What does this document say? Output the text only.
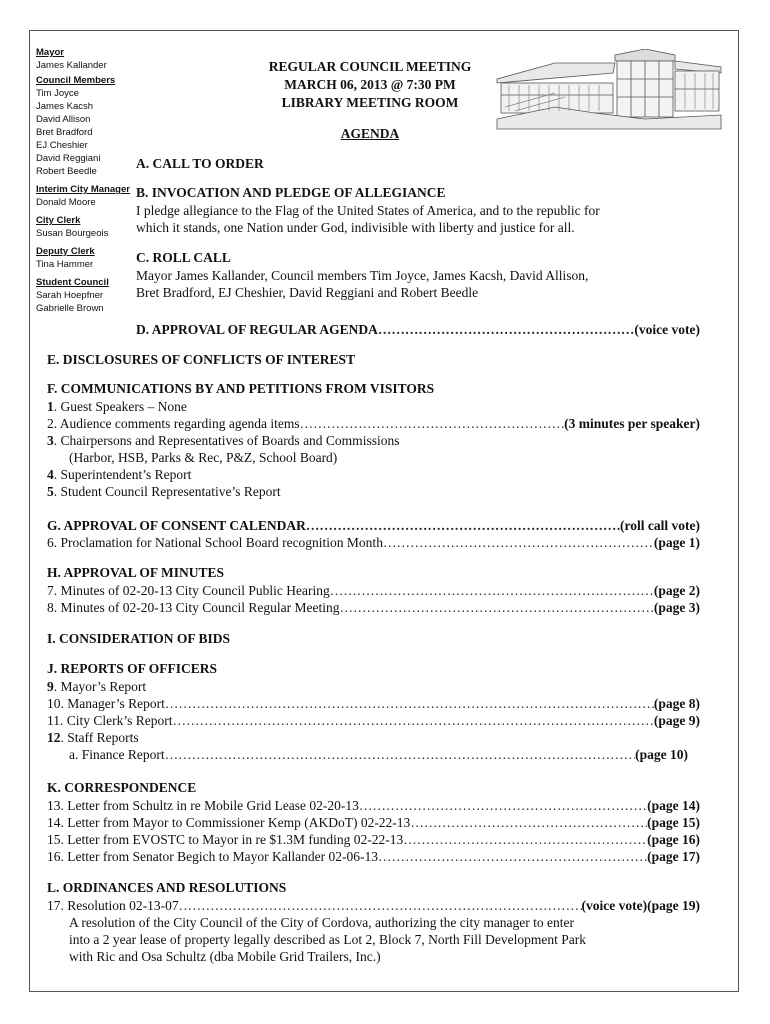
Mayor
James Kallander
Council Members
Tim Joyce
James Kacsh
David Allison
Bret Bradford
EJ Cheshier
David Reggiani
Robert Beedle
Interim City Manager
Donald Moore
City Clerk
Susan Bourgeois
Deputy Clerk
Tina Hammer
Student Council
Sarah Hoepfner
Gabrielle Brown
REGULAR COUNCIL MEETING
MARCH 06, 2013 @ 7:30 PM
LIBRARY MEETING ROOM
AGENDA
A. CALL TO ORDER
B. INVOCATION AND PLEDGE OF ALLEGIANCE
I pledge allegiance to the Flag of the United States of America, and to the republic for
which it stands, one Nation under God, indivisible with liberty and justice for all.
C. ROLL CALL
Mayor James Kallander, Council members Tim Joyce, James Kacsh, David Allison,
Bret Bradford, EJ Cheshier, David Reggiani and Robert Beedle
D. APPROVAL OF REGULAR AGENDA ………………………………………………………………………………………………………………………………………………………………………………………………………………………	(voice vote)
E. DISCLOSURES OF CONFLICTS OF INTEREST
F. COMMUNICATIONS BY AND PETITIONS FROM VISITORS
1. Guest Speakers – None
2. Audience comments regarding agenda items ………………………………………………………………………………………………………………………………………………………………………………………………………………………	(3 minutes per speaker)
3. Chairpersons and Representatives of Boards and Commissions
(Harbor, HSB, Parks & Rec, P&Z, School Board)
4. Superintendent’s Report
5. Student Council Representative’s Report
G. APPROVAL OF CONSENT CALENDAR ………………………………………………………………………………………………………………………………………………………………………………………………………………………	(roll call vote)
6. Proclamation for National School Board recognition Month ………………………………………………………………………………………………………………………………………………………………………………………………………………………	(page 1)
H. APPROVAL OF MINUTES
7. Minutes of 02-20-13 City Council Public Hearing ………………………………………………………………………………………………………………………………………………………………………………………………………………………	(page 2)
8. Minutes of 02-20-13 City Council Regular Meeting ………………………………………………………………………………………………………………………………………………………………………………………………………………………	(page 3)
I. CONSIDERATION OF BIDS
J. REPORTS OF OFFICERS
9. Mayor’s Report
10. Manager’s Report ………………………………………………………………………………………………………………………………………………………………………………………………………………………	(page 8)
11. City Clerk’s Report ………………………………………………………………………………………………………………………………………………………………………………………………………………………	(page 9)
12. Staff Reports
a. Finance Report ………………………………………………………………………………………………………………………………………………………………………………………………………………………	(page 10)
K. CORRESPONDENCE
13. Letter from Schultz in re Mobile Grid Lease 02-20-13 ………………………………………………………………………………………………………………………………………………………………………………………………………………………	(page 14)
14. Letter from Mayor to Commissioner Kemp (AKDoT) 02-22-13 ………………………………………………………………………………………………………………………………………………………………………………………………………………………	(page 15)
15. Letter from EVOSTC to Mayor in re $1.3M funding 02-22-13 ………………………………………………………………………………………………………………………………………………………………………………………………………………………	(page 16)
16. Letter from Senator Begich to Mayor Kallander 02-06-13 ………………………………………………………………………………………………………………………………………………………………………………………………………………………	(page 17)
L. ORDINANCES AND RESOLUTIONS
17. Resolution 02-13-07 ………………………………………………………………………………………………………………………………………………………………………………………………………………………	(voice vote)(page 19)
A resolution of the City Council of the City of Cordova, authorizing the city manager to enter
into a 2 year lease of property legally described as Lot 2, Block 7, North Fill Development Park
with Ric and Osa Schultz (dba Mobile Grid Trailers, Inc.)
